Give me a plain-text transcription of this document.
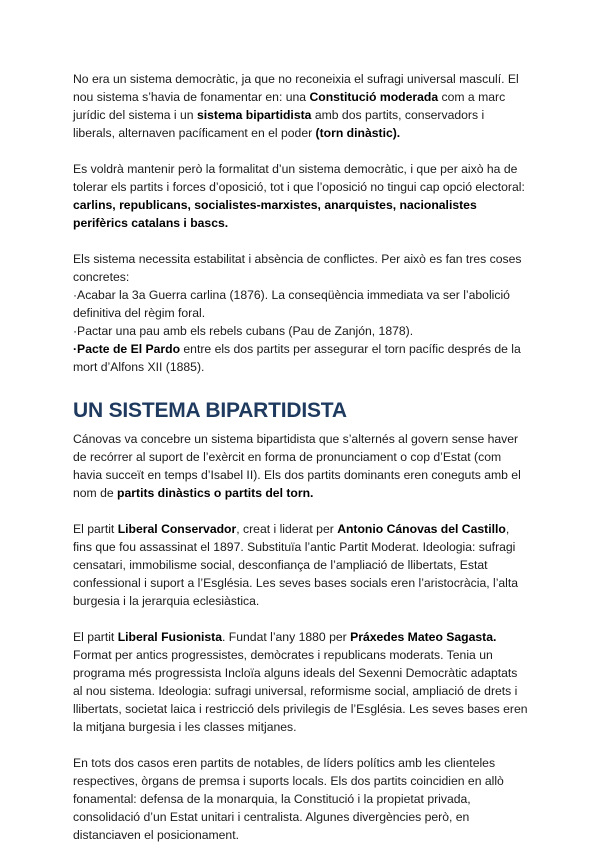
No era un sistema democràtic, ja que no reconeixia el sufragi universal masculí. El nou sistema s’havia de fonamentar en: una Constitució moderada com a marc jurídic del sistema i un sistema bipartidista amb dos partits, conservadors i liberals, alternaven pacíficament en el poder (torn dinàstic).

Es voldrà mantenir però la formalitat d’un sistema democràtic, i que per això ha de tolerar els partits i forces d’oposició, tot i que l’oposició no tingui cap opció electoral: carlins, republicans, socialistes-marxistes, anarquistes, nacionalistes perifèrics catalans i bascs.

Els sistema necessita estabilitat i absència de conflictes. Per això es fan tres coses concretes:

·Acabar la 3a Guerra carlina (1876). La conseqüència immediata va ser l’abolició definitiva del règim foral.

·Pactar una pau amb els rebels cubans (Pau de Zanjón, 1878).

·Pacte de El Pardo entre els dos partits per assegurar el torn pacífic després de la mort d’Alfons XII (1885).

UN SISTEMA BIPARTIDISTA

Cánovas va concebre un sistema bipartidista que s’alternés al govern sense haver de recórrer al suport de l’exèrcit en forma de pronunciament o cop d’Estat (com havia succeït en temps d’Isabel II). Els dos partits dominants eren coneguts amb el nom de partits dinàstics o partits del torn.

El partit Liberal Conservador, creat i liderat per Antonio Cánovas del Castillo, fins que fou assassinat el 1897. Substituïa l’antic Partit Moderat. Ideologia: sufragi censatari, immobilisme social, desconfiança de l’ampliació de llibertats, Estat confessional i suport a l’Església. Les seves bases socials eren l’aristocràcia, l’alta burgesia i la jerarquia eclesiàstica.

El partit Liberal Fusionista. Fundat l’any 1880 per Práxedes Mateo Sagasta. Format per antics progressistes, demòcrates i republicans moderats. Tenia un programa més progressista Incloïa alguns ideals del Sexenni Democràtic adaptats al nou sistema. Ideologia: sufragi universal, reformisme social, ampliació de drets i llibertats, societat laica i restricció dels privilegis de l’Església. Les seves bases eren la mitjana burgesia i les classes mitjanes.

En tots dos casos eren partits de notables, de líders polítics amb les clienteles respectives, òrgans de premsa i suports locals. Els dos partits coincidien en allò fonamental: defensa de la monarquia, la Constitució i la propietat privada, consolidació d’un Estat unitari i centralista. Algunes divergències però, en distanciaven el posicionament.
